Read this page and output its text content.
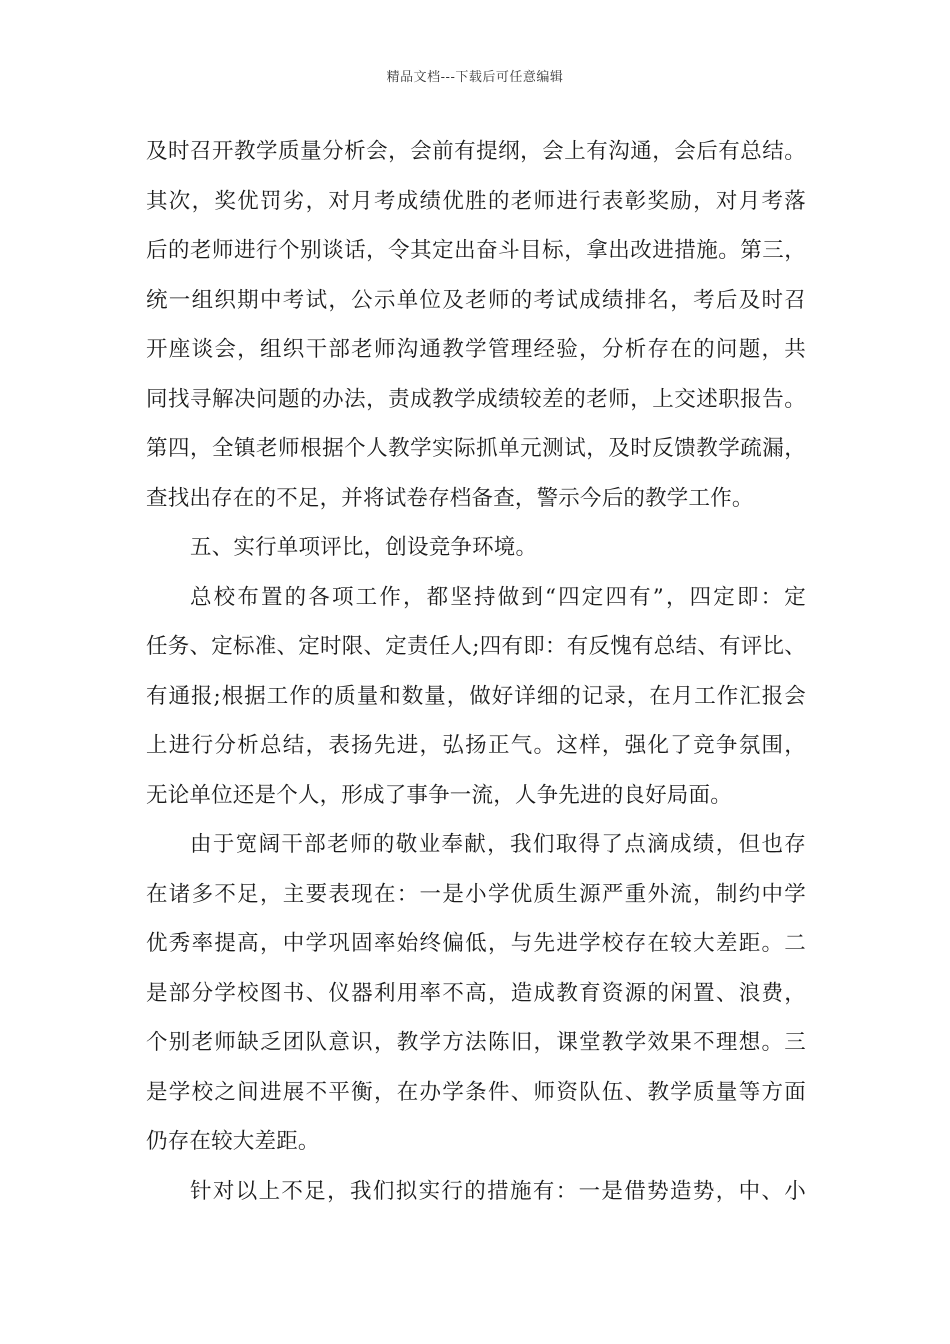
精品文档---下载后可任意编辑
及时召开教学质量分析会，会前有提纲，会上有沟通，会后有总结。
其次，奖优罚劣，对月考成绩优胜的老师进行表彰奖励，对月考落
后的老师进行个别谈话，令其定出奋斗目标，拿出改进措施。第三，
统一组织期中考试，公示单位及老师的考试成绩排名，考后及时召
开座谈会，组织干部老师沟通教学管理经验，分析存在的问题，共
同找寻解决问题的办法，责成教学成绩较差的老师，上交述职报告。
第四，全镇老师根据个人教学实际抓单元测试，及时反馈教学疏漏，
查找出存在的不足，并将试卷存档备查，警示今后的教学工作。
五、实行单项评比，创设竞争环境。
总校布置的各项工作，都坚持做到“四定四有”，四定即：定
任务、定标准、定时限、定责任人;四有即：有反愧有总结、有评比、
有通报;根据工作的质量和数量，做好详细的记录，在月工作汇报会
上进行分析总结，表扬先进，弘扬正气。这样，强化了竞争氛围，
无论单位还是个人，形成了事争一流，人争先进的良好局面。
由于宽阔干部老师的敬业奉献，我们取得了点滴成绩，但也存
在诸多不足，主要表现在：一是小学优质生源严重外流，制约中学
优秀率提高，中学巩固率始终偏低，与先进学校存在较大差距。二
是部分学校图书、仪器利用率不高，造成教育资源的闲置、浪费，
个别老师缺乏团队意识，教学方法陈旧，课堂教学效果不理想。三
是学校之间进展不平衡，在办学条件、师资队伍、教学质量等方面
仍存在较大差距。
针对以上不足，我们拟实行的措施有：一是借势造势，中、小
